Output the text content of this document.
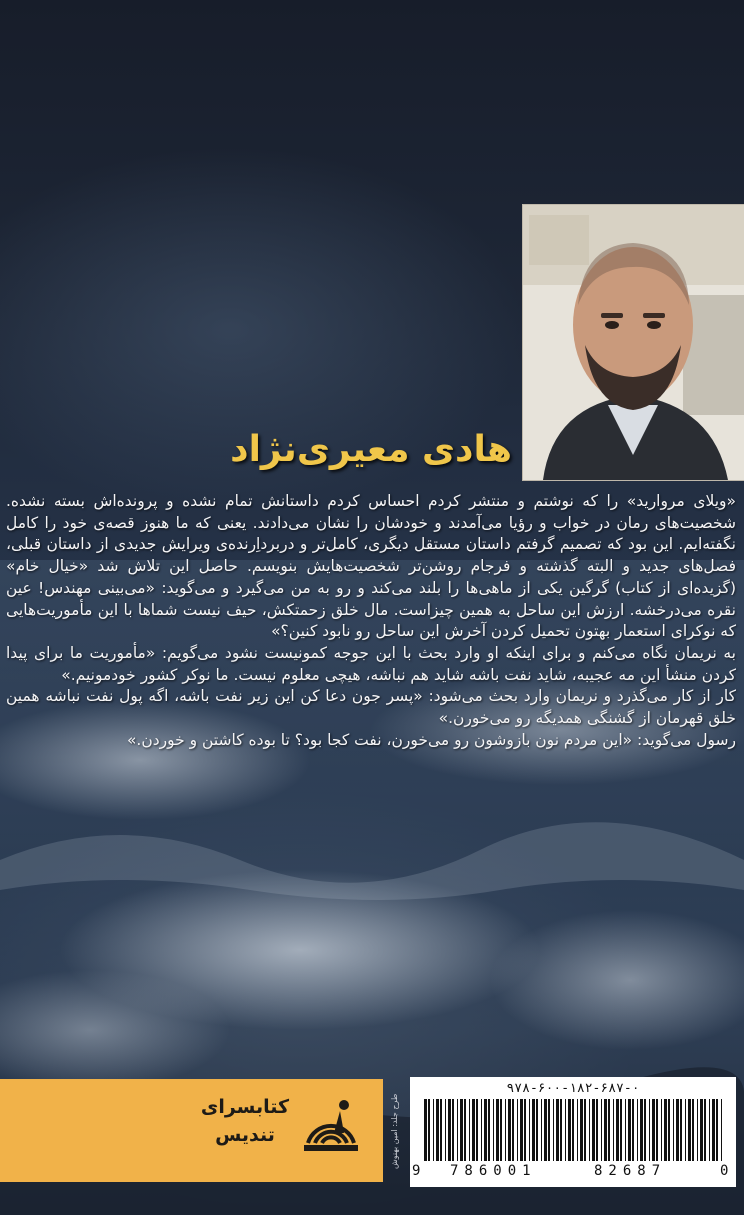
هادی معیری‌نژاد

«ویلای مروارید» را که نوشتم و منتشر کردم احساس کردم داستانش تمام نشده و پرونده‌اش بسته نشده. شخصیت‌های رمان در خواب و رؤیا می‌آمدند و خودشان را نشان می‌دادند. یعنی که ما هنوز قصه‌ی خود را کامل نگفته‌ایم. این بود که تصمیم گرفتم داستان مستقل دیگری، کامل‌تر و دربرداِرنده‌ی ویرایش جدیدی از داستان قبلی، فصل‌های جدید و البته گذشته و فرجام روشن‌تر شخصیت‌هایش بنویسم. حاصل این تلاش شد «خیال خام» (گزیده‌ای از کتاب) گرگین یکی از ماهی‌ها را بلند می‌کند و رو به من می‌گیرد و می‌گوید: «می‌بینی مهندس! عین نقره می‌درخشه. ارزش این ساحل به همین چیزاست. مال خلق زحمتکش، حیف نیست شماها با این مأموریت‌هایی که نوکرای استعمار بهتون تحمیل کردن آخرش این ساحل رو نابود کنین؟»

به نریمان نگاه می‌کنم و برای اینکه او وارد بحث با این جوجه کمونیست نشود می‌گویم: «مأموریت ما برای پیدا کردن منشأ این مه عجیبه، شاید نفت باشه شاید هم نباشه، هیچی معلوم نیست. ما نوکر کشور خودمونیم.»

کار از کار می‌گذرد و نریمان وارد بحث می‌شود: «پسر جون دعا کن این زیر نفت باشه، اگه پول نفت نباشه همین خلق قهرمان از گشنگی همدیگه رو می‌خورن.»

رسول می‌گوید: «این مردم نون بازوشون رو می‌خورن، نفت کجا بود؟ تا بوده کاشتن و خوردن.»

کتابسرای
تندیس	طرح جلد: امین بهنوش
۹۷۸-۶۰۰-۱۸۲-۶۸۷-۰
9 786001	82687	0
